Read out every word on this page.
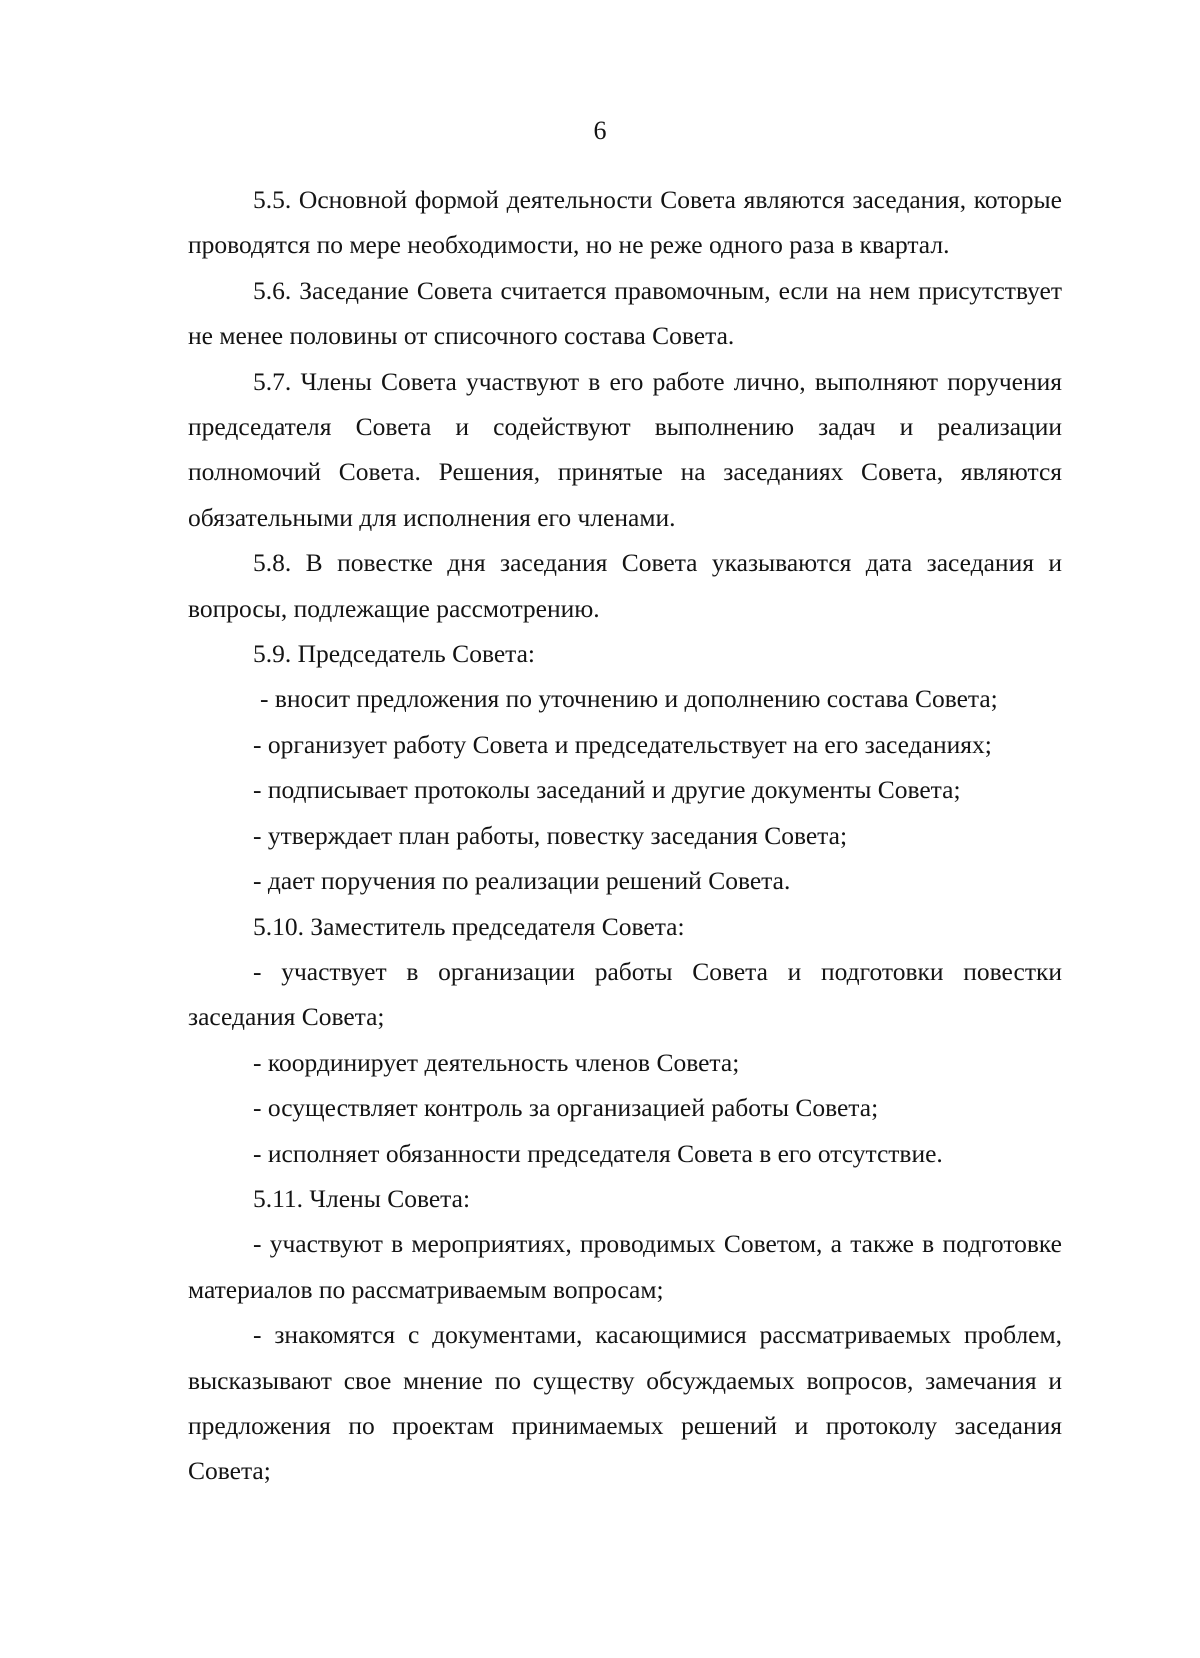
6

5.5. Основной формой деятельности Совета являются заседания, которые проводятся по мере необходимости, но не реже одного раза в квартал.

5.6. Заседание Совета считается правомочным, если на нем присутствует не менее половины от списочного состава Совета.

5.7. Члены Совета участвуют в его работе лично, выполняют поручения председателя Совета и содействуют выполнению задач и реализации полномочий Совета. Решения, принятые на заседаниях Совета, являются обязательными для исполнения его членами.

5.8. В повестке дня заседания Совета указываются дата заседания и вопросы, подлежащие рассмотрению.

5.9. Председатель Совета:

- вносит предложения по уточнению и дополнению состава Совета;

- организует работу Совета и председательствует на его заседаниях;

- подписывает протоколы заседаний и другие документы Совета;

- утверждает план работы, повестку заседания Совета;

- дает поручения по реализации решений Совета.

5.10. Заместитель председателя Совета:

- участвует в организации работы Совета и подготовки повестки заседания Совета;

- координирует деятельность членов Совета;

- осуществляет контроль за организацией работы Совета;

- исполняет обязанности председателя Совета в его отсутствие.

5.11. Члены Совета:

- участвуют в мероприятиях, проводимых Советом, а также в подготовке материалов по рассматриваемым вопросам;

- знакомятся с документами, касающимися рассматриваемых проблем, высказывают свое мнение по существу обсуждаемых вопросов, замечания и предложения по проектам принимаемых решений и протоколу заседания Совета;
